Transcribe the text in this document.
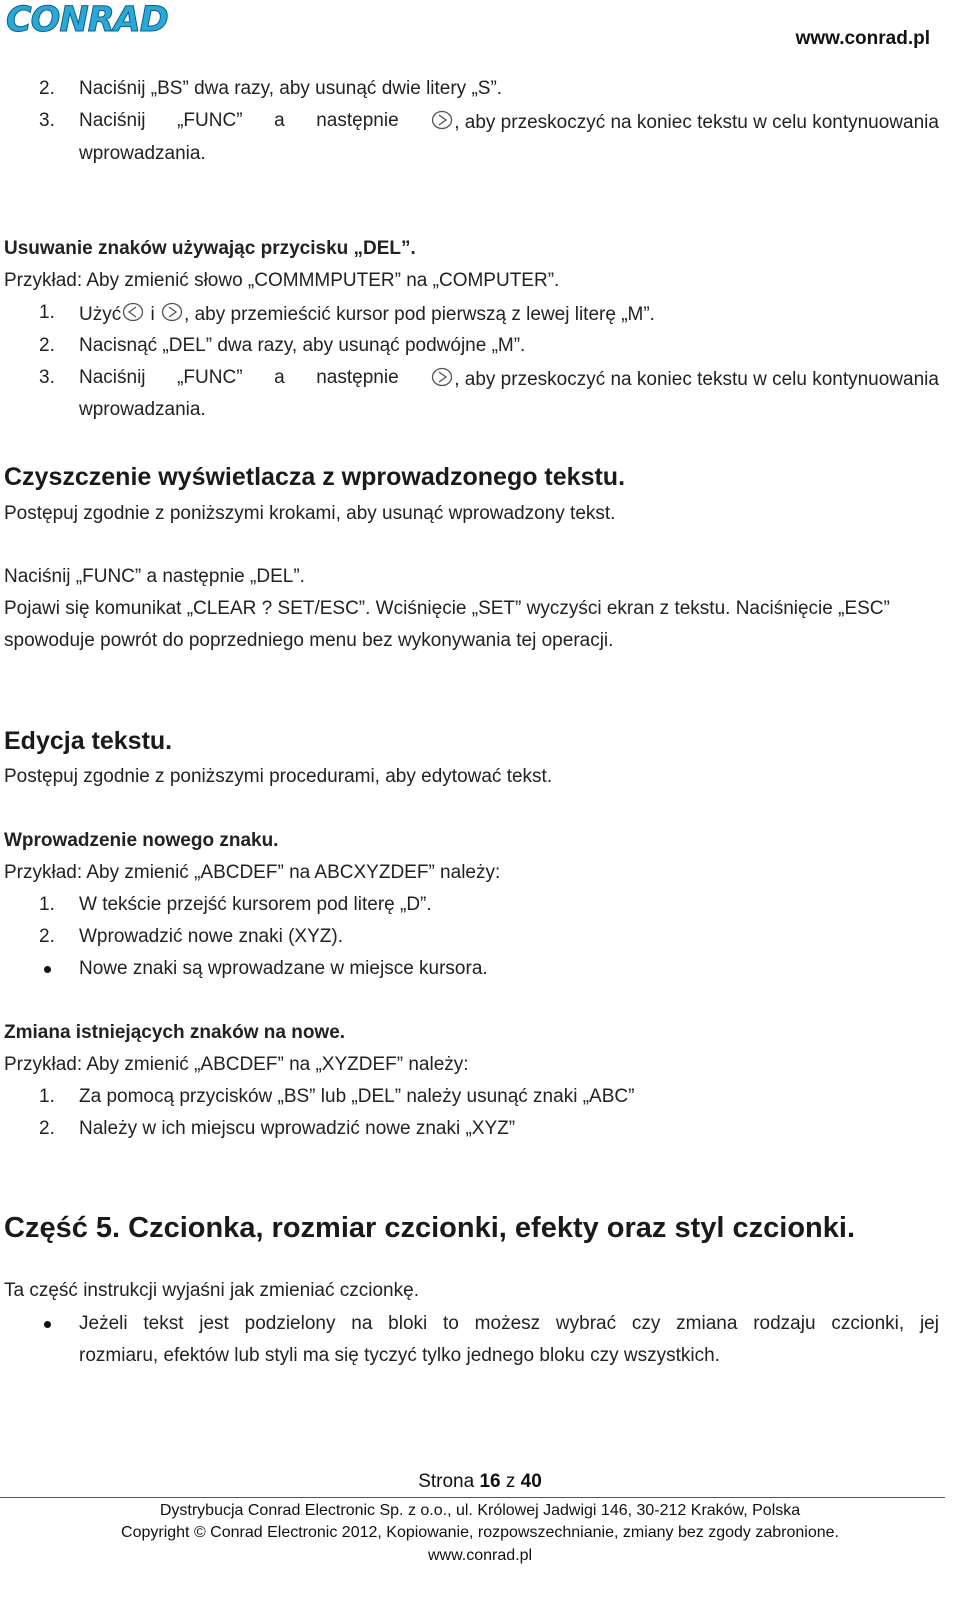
CONRAD	www.conrad.pl
2. Naciśnij „BS” dwa razy, aby usunąć dwie litery „S”.
3. Naciśnij „FUNC” a następnie	, aby przeskoczyć na koniec tekstu w celu kontynuowania
wprowadzania.
Usuwanie znaków używając przycisku „DEL”.
Przykład: Aby zmienić słowo „COMMMPUTER” na „COMPUTER”.
1. Użyć i , aby przemieścić kursor pod pierwszą z lewej literę „M”.
2. Nacisnąć „DEL” dwa razy, aby usunąć podwójne „M”.
3. Naciśnij „FUNC” a następnie	, aby przeskoczyć na koniec tekstu w celu kontynuowania
wprowadzania.
Czyszczenie wyświetlacza z wprowadzonego tekstu.
Postępuj zgodnie z poniższymi krokami, aby usunąć wprowadzony tekst.
Naciśnij „FUNC” a następnie „DEL”.
Pojawi się komunikat „CLEAR ? SET/ESC”. Wciśnięcie „SET” wyczyści ekran z tekstu. Naciśnięcie „ESC”
spowoduje powrót do poprzedniego menu bez wykonywania tej operacji.
Edycja tekstu.
Postępuj zgodnie z poniższymi procedurami, aby edytować tekst.
Wprowadzenie nowego znaku.
Przykład: Aby zmienić „ABCDEF” na ABCXYZDEF” należy:
1. W tekście przejść kursorem pod literę „D”.
2. Wprowadzić nowe znaki (XYZ).
Nowe znaki są wprowadzane w miejsce kursora.
Zmiana istniejących znaków na nowe.
Przykład: Aby zmienić „ABCDEF” na „XYZDEF” należy:
1. Za pomocą przycisków „BS” lub „DEL” należy usunąć znaki „ABC”
2. Należy w ich miejscu wprowadzić nowe znaki „XYZ”
Część 5. Czcionka, rozmiar czcionki, efekty oraz styl czcionki.
Ta część instrukcji wyjaśni jak zmieniać czcionkę.
Jeżeli tekst jest podzielony na bloki to możesz wybrać czy zmiana rodzaju czcionki, jej
rozmiaru, efektów lub styli ma się tyczyć tylko jednego bloku czy wszystkich.
Strona 16 z 40
Dystrybucja Conrad Electronic Sp. z o.o., ul. Królowej Jadwigi 146, 30-212 Kraków, Polska
Copyright © Conrad Electronic 2012, Kopiowanie, rozpowszechnianie, zmiany bez zgody zabronione.
www.conrad.pl
